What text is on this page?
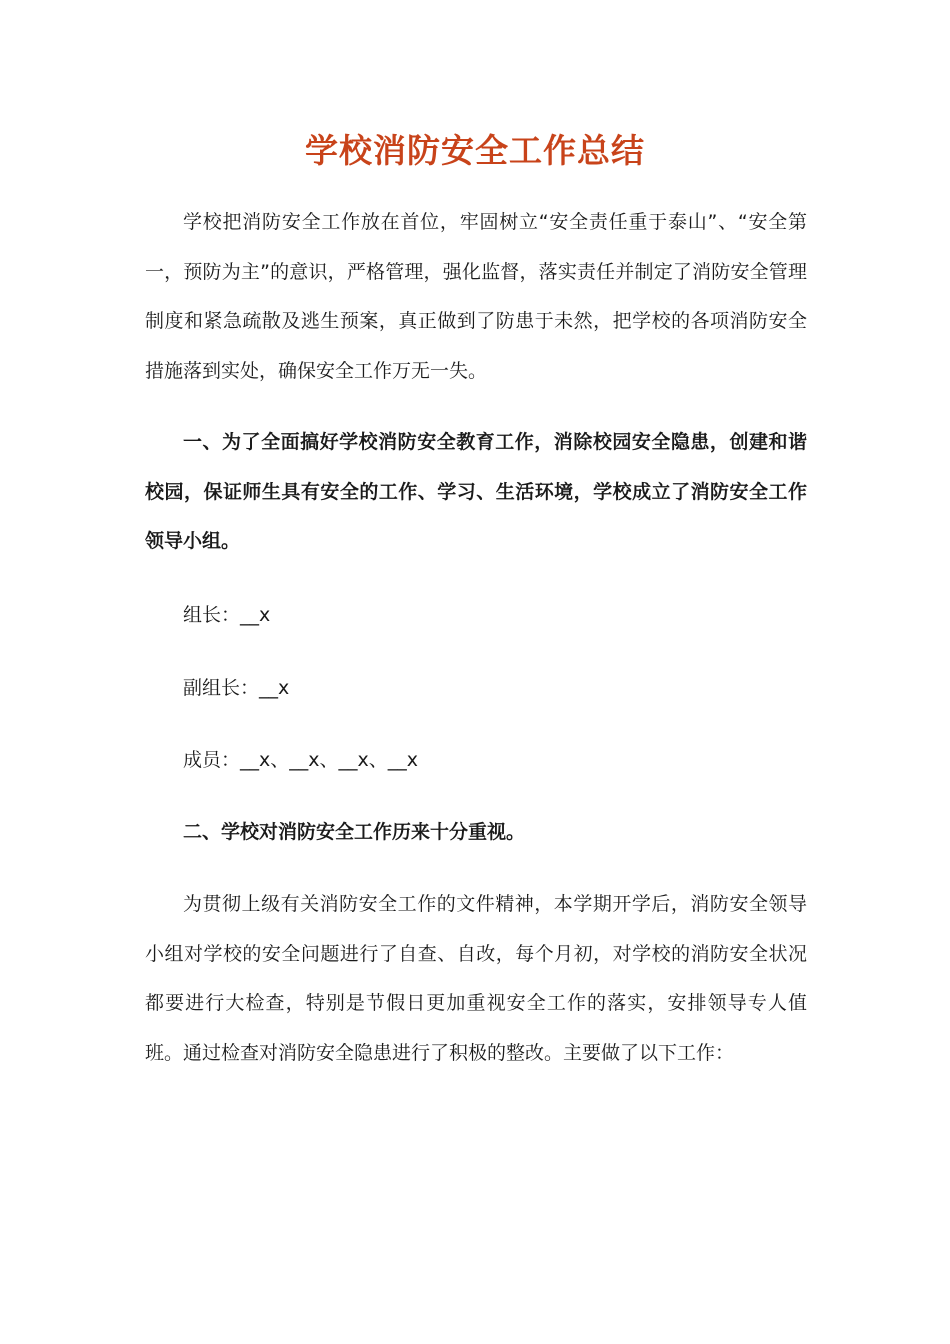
学校消防安全工作总结

学校把消防安全工作放在首位，牢固树立“安全责任重于泰山”、“安全第一，预防为主”的意识，严格管理，强化监督，落实责任并制定了消防安全管理制度和紧急疏散及逃生预案，真正做到了防患于未然，把学校的各项消防安全措施落到实处，确保安全工作万无一失。

一、为了全面搞好学校消防安全教育工作，消除校园安全隐患，创建和谐校园，保证师生具有安全的工作、学习、生活环境，学校成立了消防安全工作领导小组。

组长：__x

副组长：__x

成员：__x、__x、__x、__x

二、学校对消防安全工作历来十分重视。

为贯彻上级有关消防安全工作的文件精神，本学期开学后，消防安全领导小组对学校的安全问题进行了自查、自改，每个月初，对学校的消防安全状况都要进行大检查，特别是节假日更加重视安全工作的落实，安排领导专人值班。通过检查对消防安全隐患进行了积极的整改。主要做了以下工作：
